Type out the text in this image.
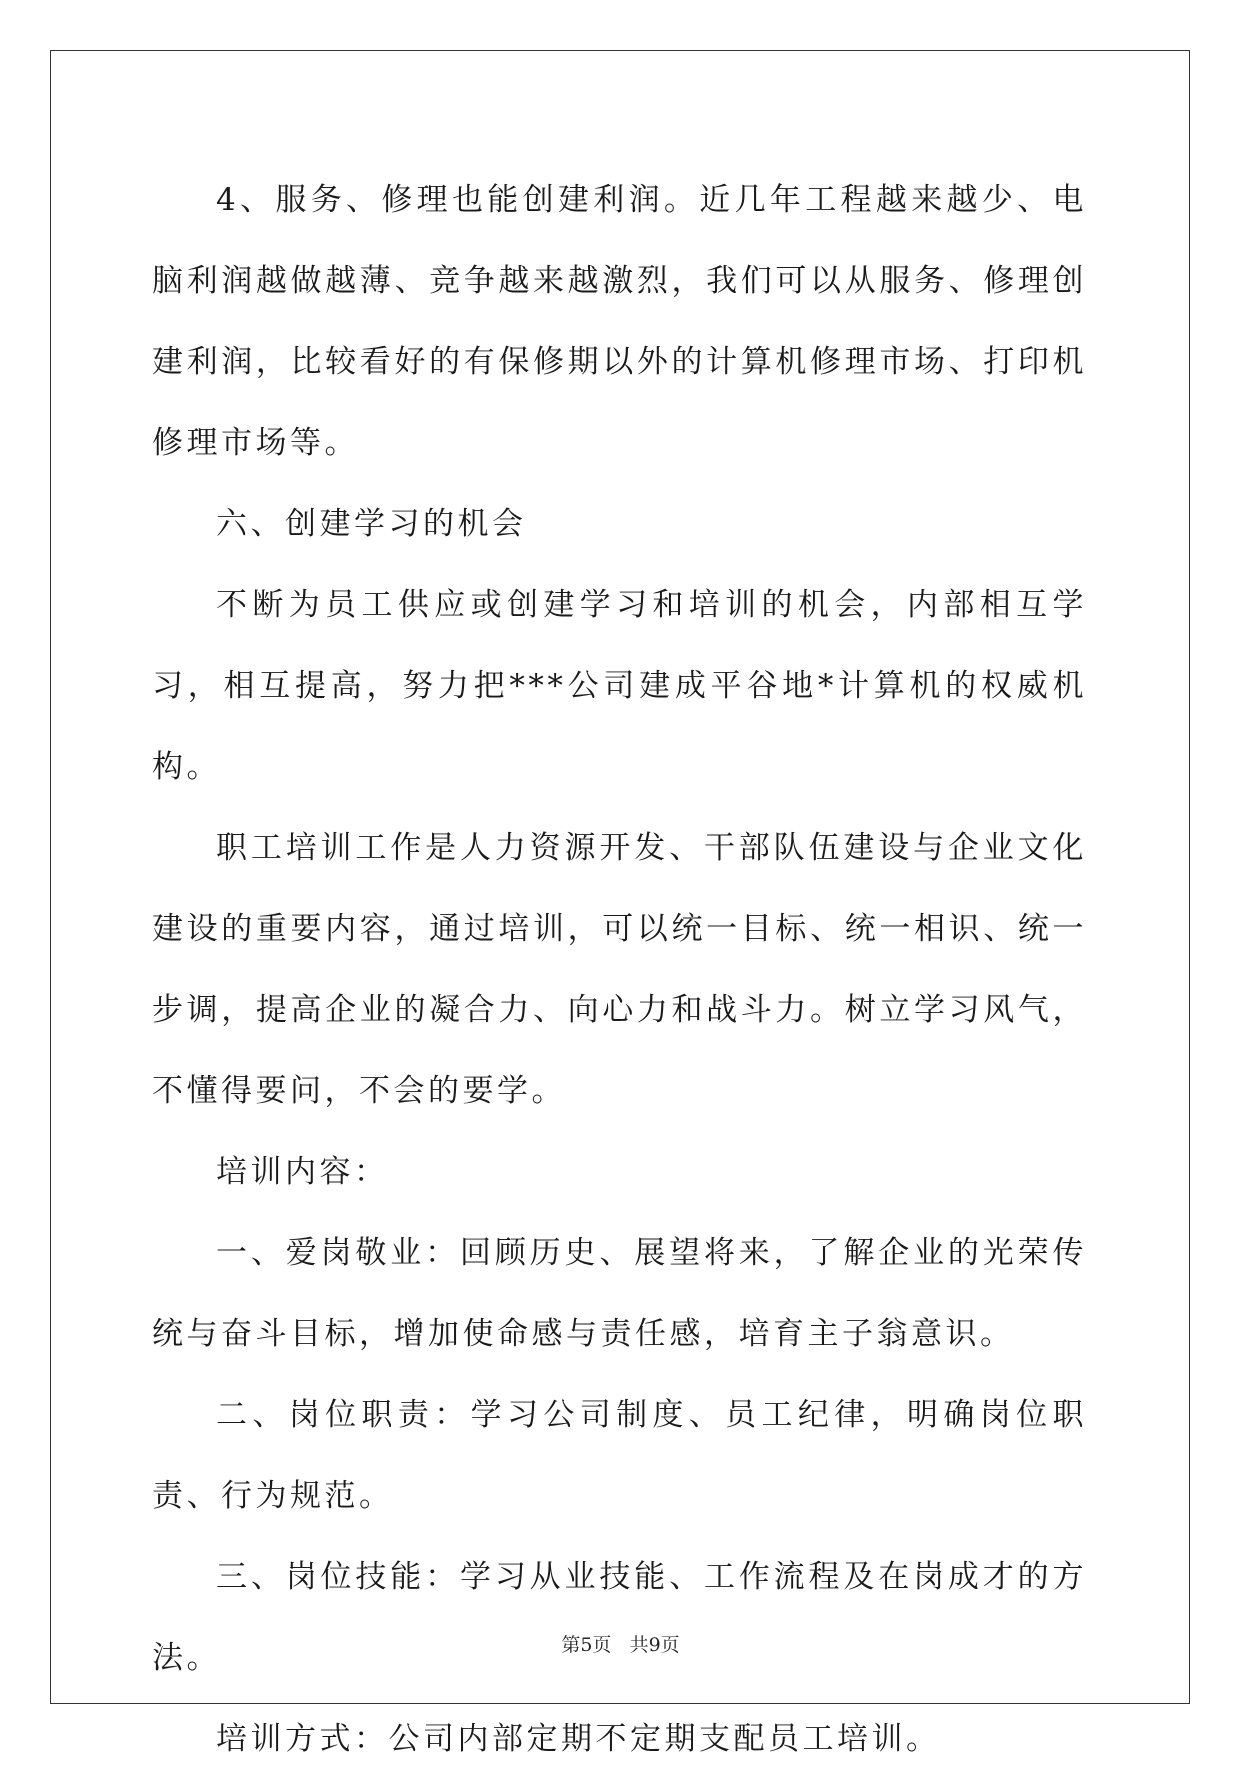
4、服务、修理也能创建利润。近几年工程越来越少、电脑利润越做越薄、竞争越来越激烈，我们可以从服务、修理创建利润，比较看好的有保修期以外的计算机修理市场、打印机修理市场等。

六、创建学习的机会

不断为员工供应或创建学习和培训的机会，内部相互学习，相互提高，努力把***公司建成平谷地*计算机的权威机构。

职工培训工作是人力资源开发、干部队伍建设与企业文化建设的重要内容，通过培训，可以统一目标、统一相识、统一步调，提高企业的凝合力、向心力和战斗力。树立学习风气，不懂得要问，不会的要学。

培训内容：

一、爱岗敬业：回顾历史、展望将来，了解企业的光荣传统与奋斗目标，增加使命感与责任感，培育主子翁意识。

二、岗位职责：学习公司制度、员工纪律，明确岗位职责、行为规范。

三、岗位技能：学习从业技能、工作流程及在岗成才的方法。

培训方式：公司内部定期不定期支配员工培训。

第5页 共9页
